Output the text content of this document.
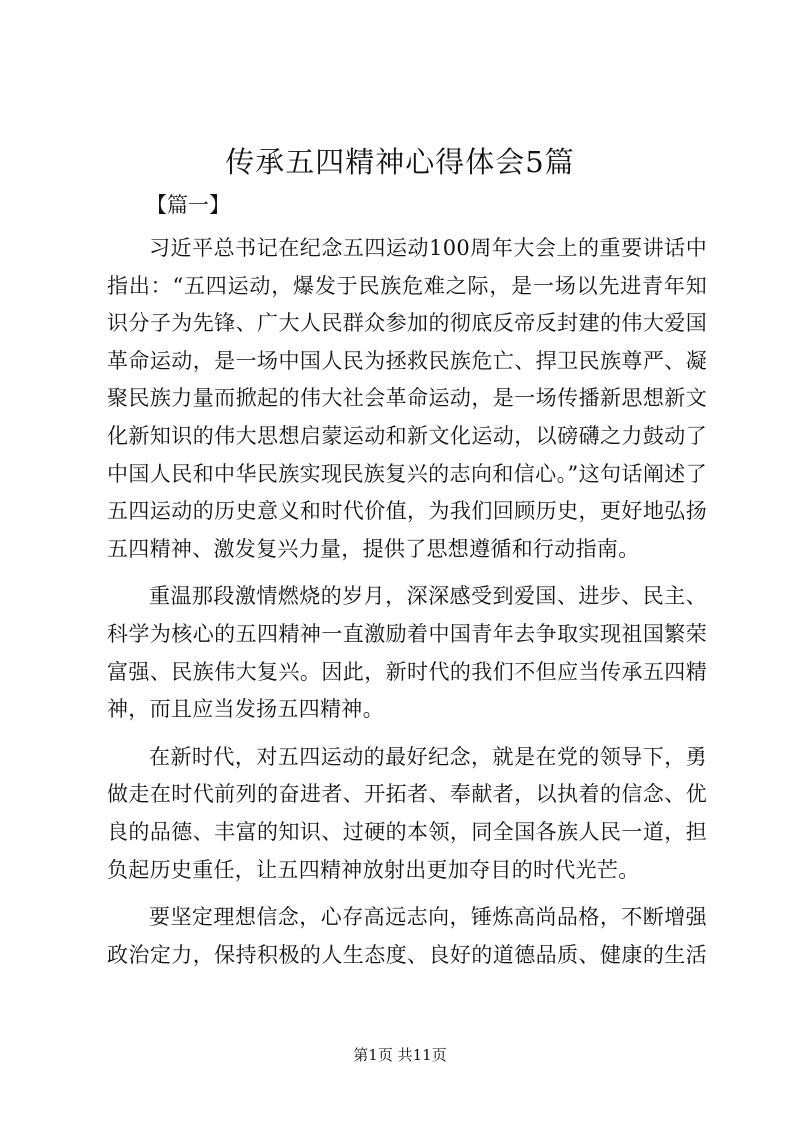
传承五四精神心得体会5篇
【篇一】

习近平总书记在纪念五四运动100周年大会上的重要讲话中指出：“五四运动，爆发于民族危难之际，是一场以先进青年知识分子为先锋、广大人民群众参加的彻底反帝反封建的伟大爱国革命运动，是一场中国人民为拯救民族危亡、捍卫民族尊严、凝聚民族力量而掀起的伟大社会革命运动，是一场传播新思想新文化新知识的伟大思想启蒙运动和新文化运动，以磅礴之力鼓动了中国人民和中华民族实现民族复兴的志向和信心。”这句话阐述了五四运动的历史意义和时代价值，为我们回顾历史，更好地弘扬五四精神、激发复兴力量，提供了思想遵循和行动指南。

重温那段激情燃烧的岁月，深深感受到爱国、进步、民主、科学为核心的五四精神一直激励着中国青年去争取实现祖国繁荣富强、民族伟大复兴。因此，新时代的我们不但应当传承五四精神，而且应当发扬五四精神。

在新时代，对五四运动的最好纪念，就是在党的领导下，勇做走在时代前列的奋进者、开拓者、奉献者，以执着的信念、优良的品德、丰富的知识、过硬的本领，同全国各族人民一道，担负起历史重任，让五四精神放射出更加夺目的时代光芒。

要坚定理想信念，心存高远志向，锤炼高尚品格，不断增强政治定力，保持积极的人生态度、良好的道德品质、健康的生活

第1页 共11页
